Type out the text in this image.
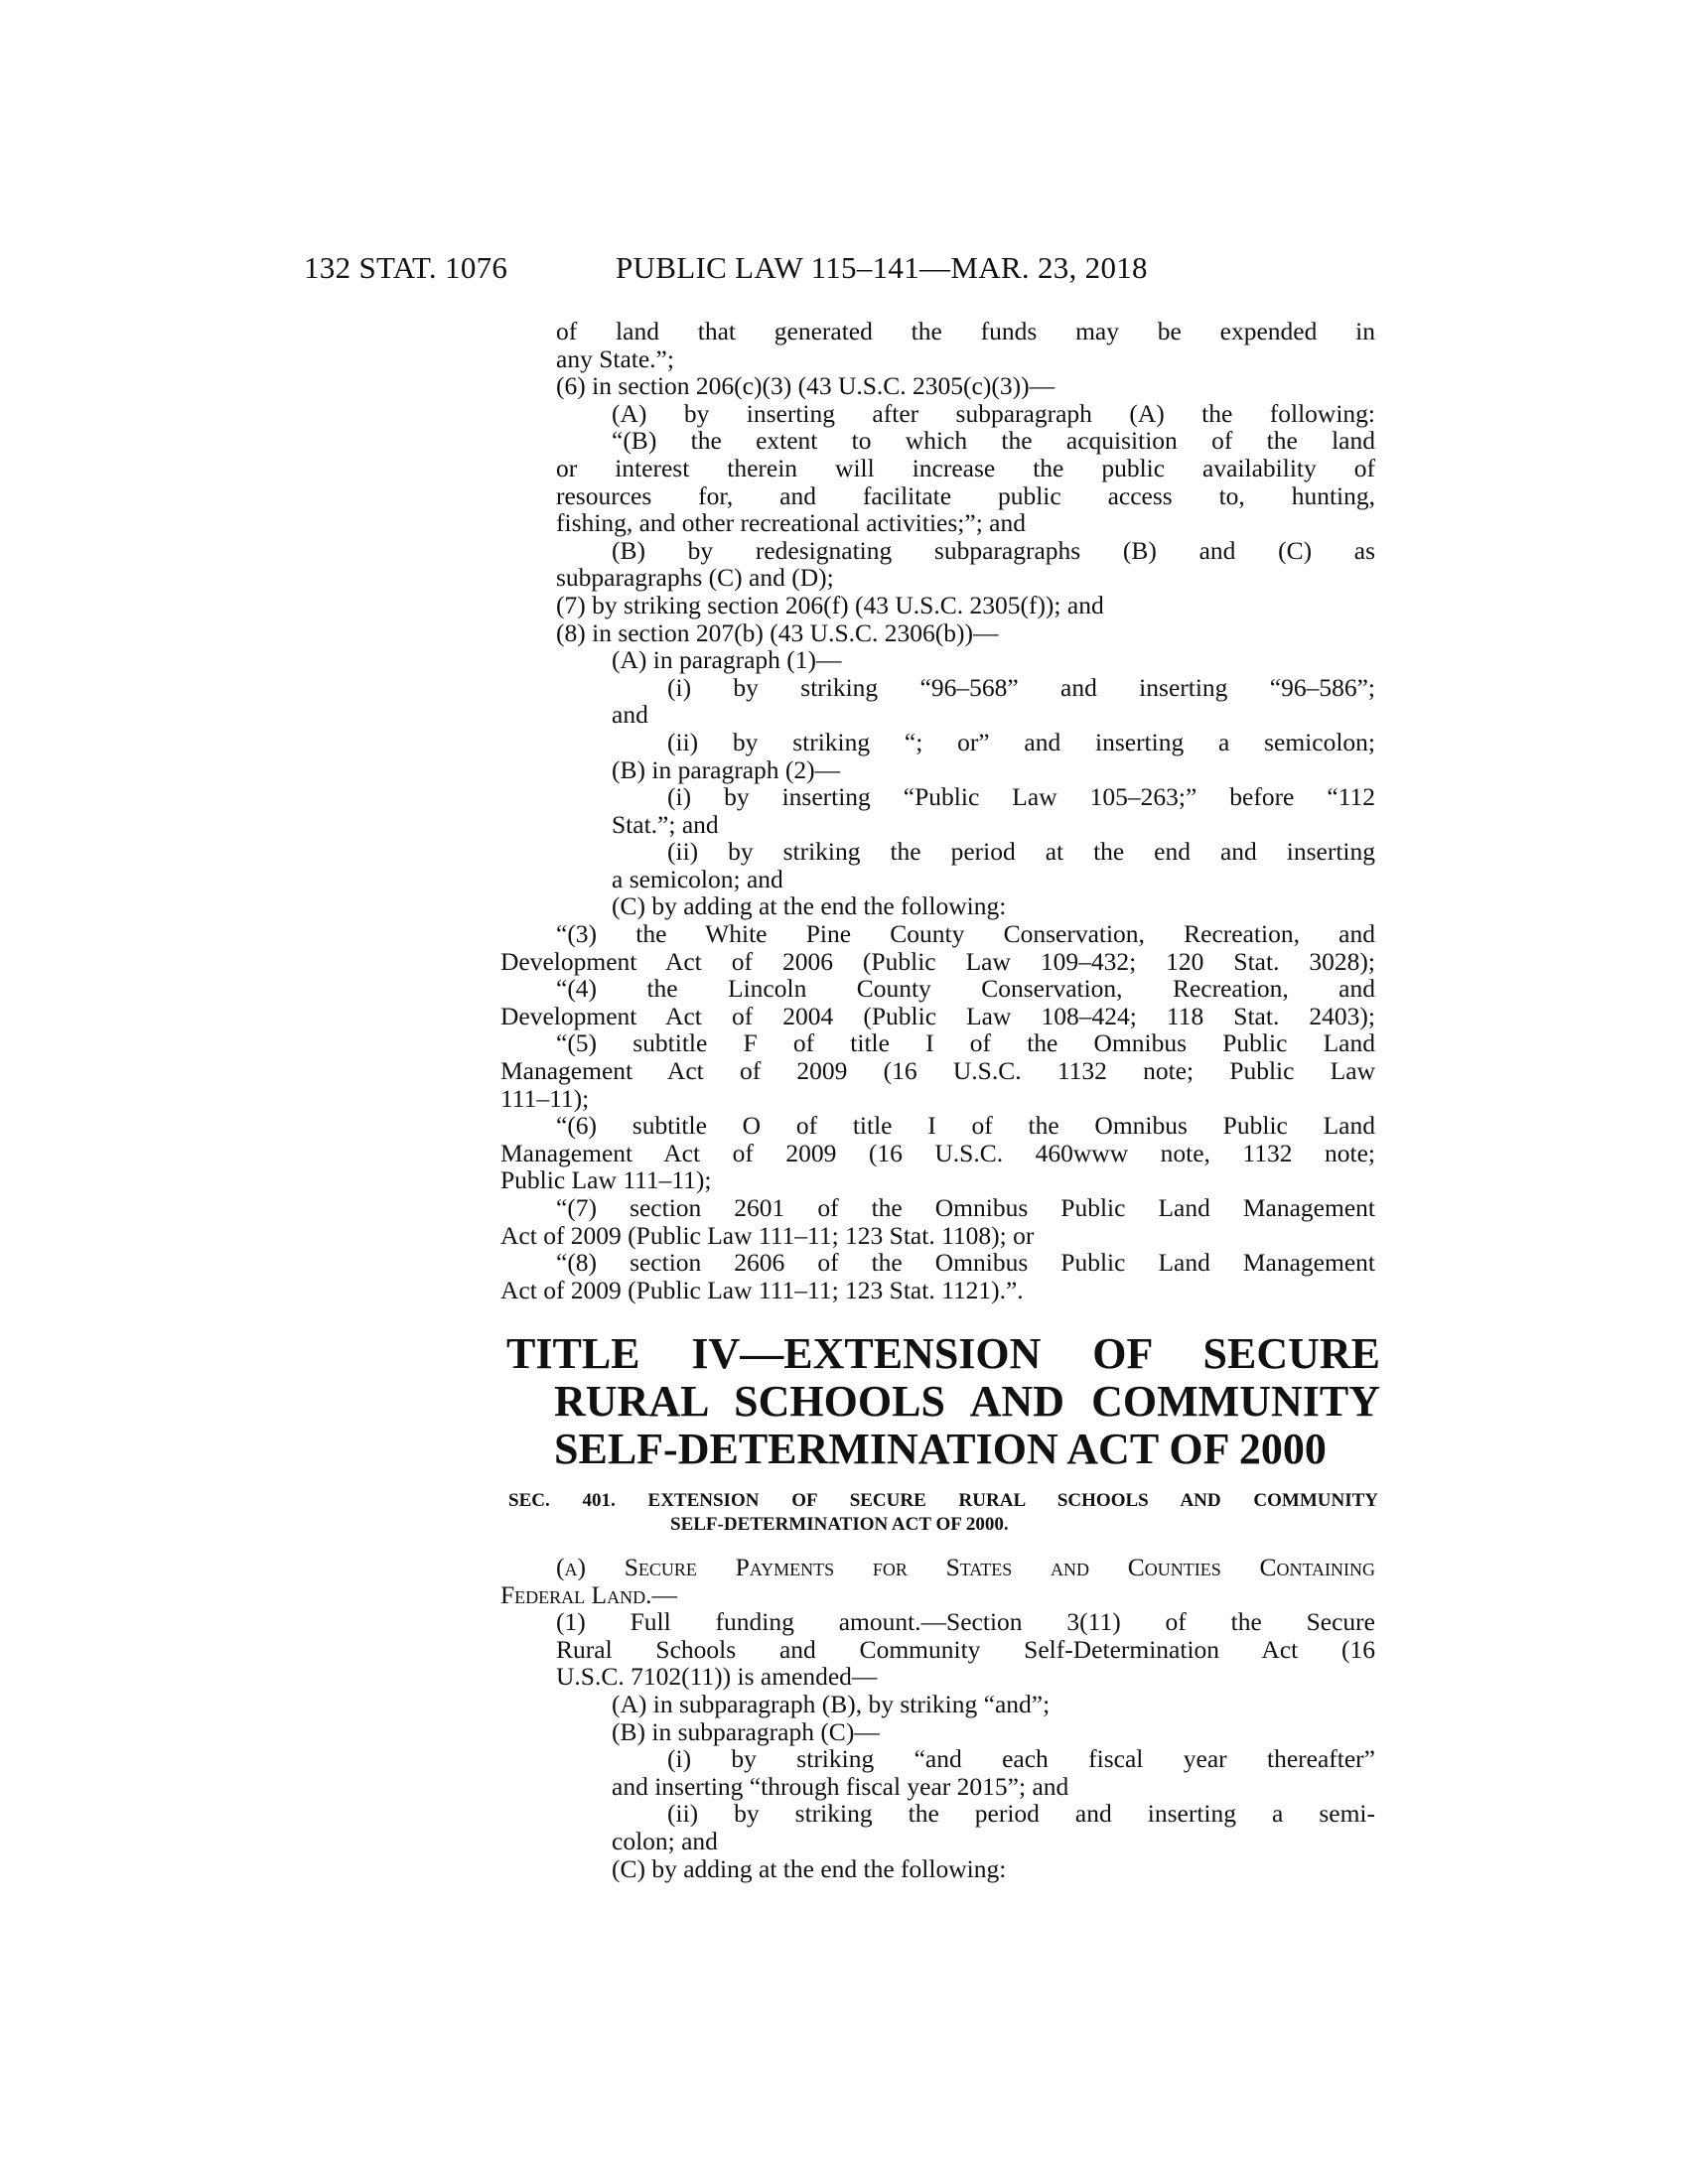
132 STAT. 1076	PUBLIC LAW 115–141—MAR. 23, 2018
of land that generated the funds may be expended in
any State.”;
(6) in section 206(c)(3) (43 U.S.C. 2305(c)(3))—
(A) by inserting after subparagraph (A) the following:
“(B) the extent to which the acquisition of the land
or interest therein will increase the public availability of
resources for, and facilitate public access to, hunting,
fishing, and other recreational activities;”; and
(B) by redesignating subparagraphs (B) and (C) as
subparagraphs (C) and (D);
(7) by striking section 206(f) (43 U.S.C. 2305(f)); and
(8) in section 207(b) (43 U.S.C. 2306(b))—
(A) in paragraph (1)—
(i) by striking “96–568” and inserting “96–586”;
and
(ii) by striking “; or” and inserting a semicolon;
(B) in paragraph (2)—
(i) by inserting “Public Law 105–263;” before “112
Stat.”; and
(ii) by striking the period at the end and inserting
a semicolon; and
(C) by adding at the end the following:
“(3) the White Pine County Conservation, Recreation, and
Development Act of 2006 (Public Law 109–432; 120 Stat. 3028);
“(4) the Lincoln County Conservation, Recreation, and
Development Act of 2004 (Public Law 108–424; 118 Stat. 2403);
“(5) subtitle F of title I of the Omnibus Public Land
Management Act of 2009 (16 U.S.C. 1132 note; Public Law
111–11);
“(6) subtitle O of title I of the Omnibus Public Land
Management Act of 2009 (16 U.S.C. 460www note, 1132 note;
Public Law 111–11);
“(7) section 2601 of the Omnibus Public Land Management
Act of 2009 (Public Law 111–11; 123 Stat. 1108); or
“(8) section 2606 of the Omnibus Public Land Management
Act of 2009 (Public Law 111–11; 123 Stat. 1121).”.
TITLE IV—EXTENSION OF SECURE
RURAL SCHOOLS AND COMMUNITY
SELF-DETERMINATION ACT OF 2000
SEC. 401. EXTENSION OF SECURE RURAL SCHOOLS AND COMMUNITY
SELF-DETERMINATION ACT OF 2000.
(a) Secure Payments for States and Counties Containing
Federal Land.—
(1) Full funding amount.—Section 3(11) of the Secure
Rural Schools and Community Self-Determination Act (16
U.S.C. 7102(11)) is amended—
(A) in subparagraph (B), by striking “and”;
(B) in subparagraph (C)—
(i) by striking “and each fiscal year thereafter”
and inserting “through fiscal year 2015”; and
(ii) by striking the period and inserting a semi-
colon; and
(C) by adding at the end the following:
